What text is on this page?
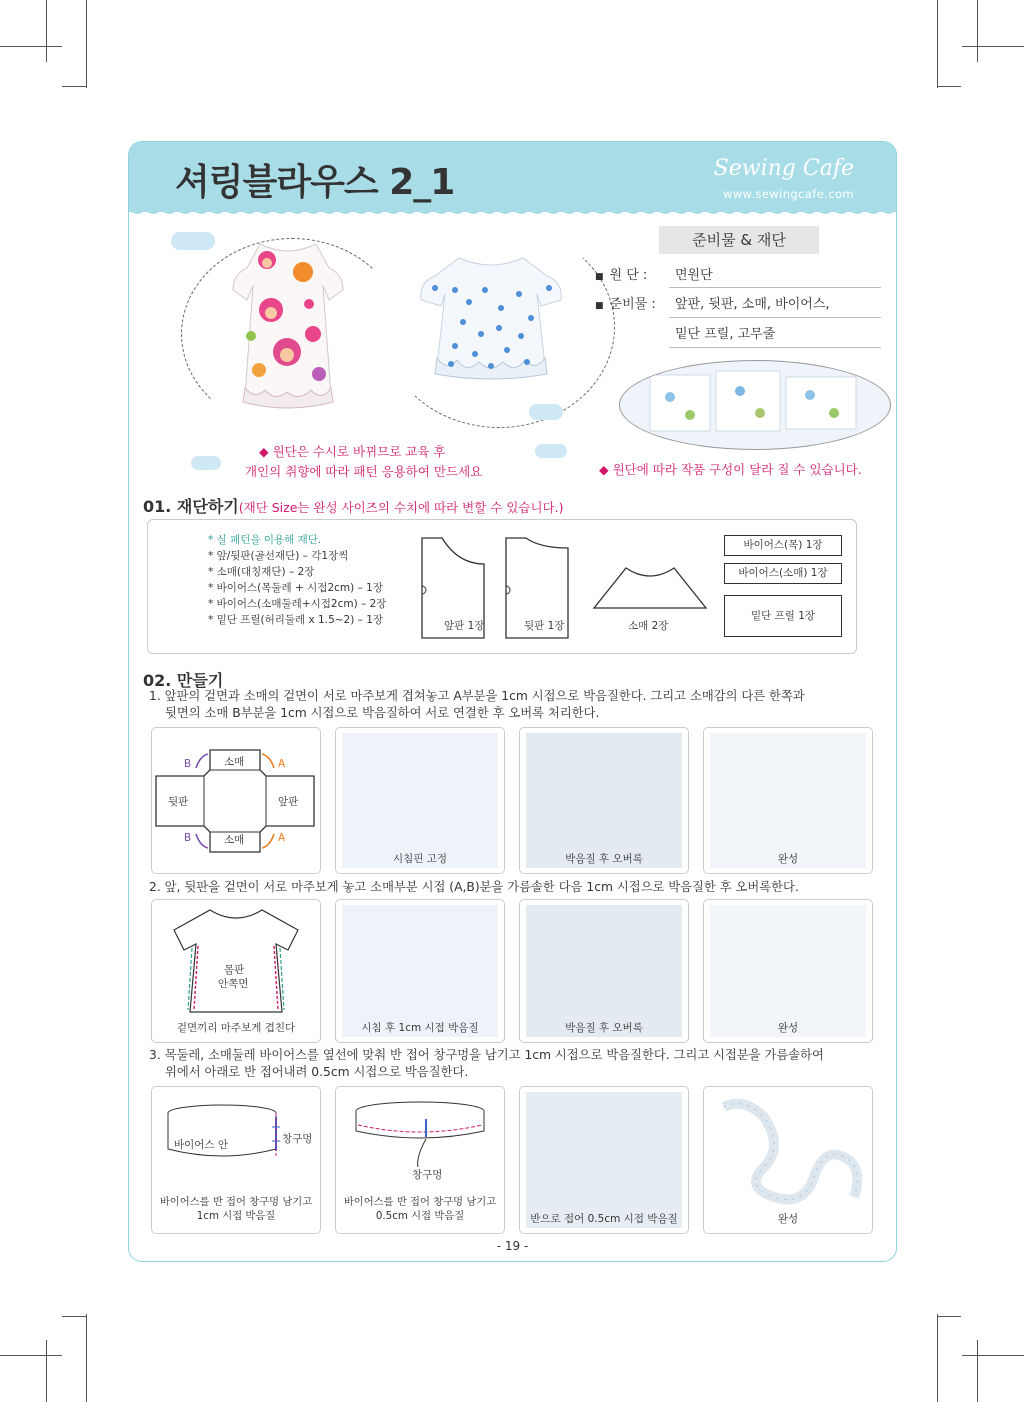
셔링블라우스 2_1	Sewing Cafe
www.sewingcafe.com
준비물 & 재단
■ 원 단 : 면원단
■ 준비물 : 앞판, 뒷판, 소매, 바이어스,
밑단 프릴, 고무줄
◆ 원단은 수시로 바뀌므로 교육 후
개인의 취향에 따라 패턴 응용하여 만드세요	◆ 원단에 따라 작품 구성이 달라 질 수 있습니다.
01. 재단하기(재단 Size는 완성 사이즈의 수치에 따라 변할 수 있습니다.)
* 실 패턴을 이용해 재단.
* 앞/뒷판(골선재단) – 각1장씩
* 소매(대칭재단) – 2장
* 바이어스(목둘레 + 시접2cm) – 1장
* 바이어스(소매둘레+시접2cm) – 2장
* 밑단 프릴(허리둘레 x 1.5~2) – 1장	앞판 1장	뒷판 1장	소매 2장
바이어스(목) 1장
바이어스(소매) 1장
밑단 프릴 1장
02. 만들기
1. 앞판의 겉면과 소매의 겉면이 서로 마주보게 겹쳐놓고 A부분을 1cm 시접으로 박음질한다. 그리고 소매감의 다른 한쪽과
뒷면의 소매 B부분을 1cm 시접으로 박음질하여 서로 연결한 후 오버록 처리한다.
소매
소매
뒷판	앞판
B
B
A
A
시침핀 고정	박음질 후 오버록	완성
2. 앞, 뒷판을 겉면이 서로 마주보게 놓고 소매부분 시접 (A,B)분을 가름솔한 다음 1cm 시접으로 박음질한 후 오버록한다.
몸판
안쪽면
겉면끼리 마주보게 겹친다	시침 후 1cm 시접 박음질	박음질 후 오버록	완성
3. 목둘레, 소매둘레 바이어스를 옆선에 맞춰 반 접어 창구멍을 남기고 1cm 시접으로 박음질한다. 그리고 시접분을 가름솔하여
위에서 아래로 반 접어내려 0.5cm 시접으로 박음질한다.
바이어스 안	창구멍
바이어스를 반 접어 창구멍 남기고
1cm 시접 박음질
창구멍
바이어스를 반 접어 창구멍 남기고
0.5cm 시접 박음질	반으로 접어 0.5cm 시접 박음질	완성
- 19 -
